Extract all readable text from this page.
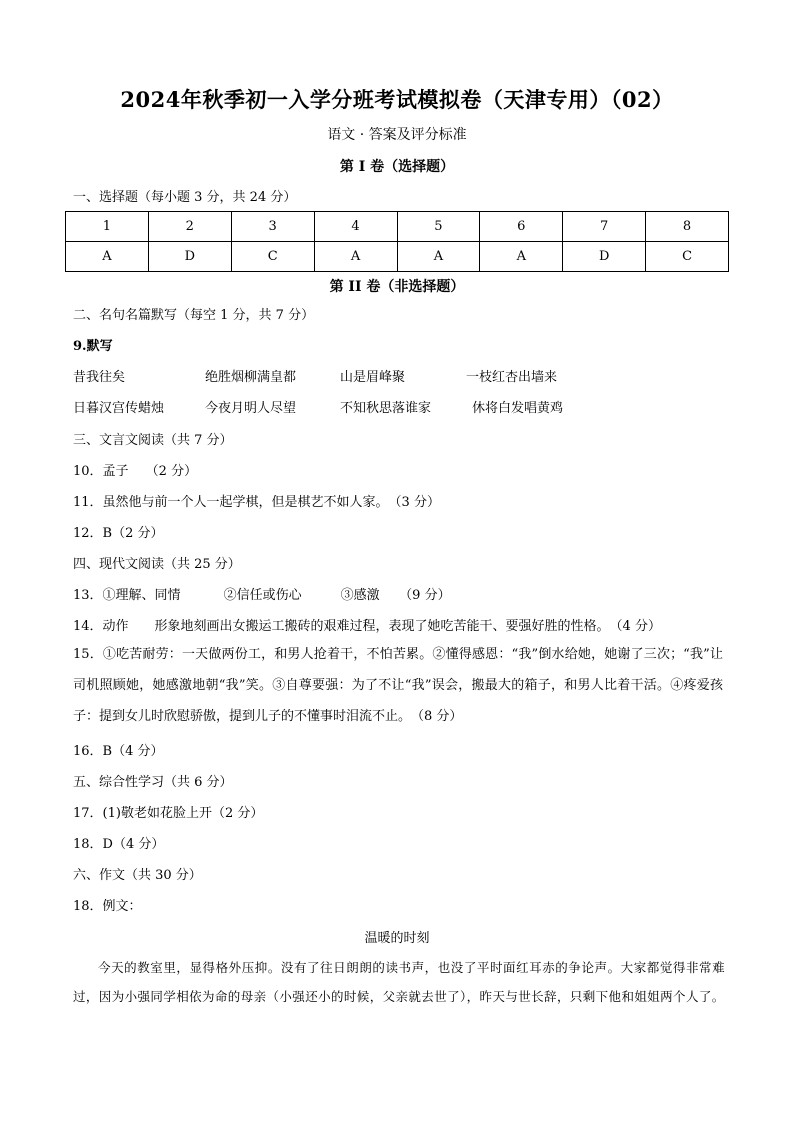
2024年秋季初一入学分班考试模拟卷（天津专用）（02）
语文 · 答案及评分标准
第 I 卷（选择题）
一、选择题（每小题 3 分，共 24 分）
1	2	3	4	5	6	7	8
A	D	C	A	A	A	D	C
第 II 卷（非选择题）
二、名句名篇默写（每空 1 分，共 7 分）
9.默写
昔我往矣	绝胜烟柳满皇都	山是眉峰聚	一枝红杏出墙来
日暮汉宫传蜡烛	今夜月明人尽望	不知秋思落谁家	休将白发唱黄鸡
三、文言文阅读（共 7 分）
10．孟子　 （2 分）
11．虽然他与前一个人一起学棋，但是棋艺不如人家。　（3 分）
12．B（2 分）
四、现代文阅读（共 25 分）
13．①理解、同情　　　 ②信任或伤心　　　③感激　　（9 分）
14．动作　　形象地刻画出女搬运工搬砖的艰难过程，表现了她吃苦能干、要强好胜的性格。　（4 分）
15．①吃苦耐劳：一天做两份工，和男人抢着干，不怕苦累。②懂得感恩：“我”倒水给她，她谢了三次；“我”让司机照顾她，她感激地朝“我”笑。③自尊要强：为了不让“我”误会，搬最大的箱子，和男人比着干活。④疼爱孩子：提到女儿时欣慰骄傲，提到儿子的不懂事时泪流不止。　（8 分）
16．B（4 分）
五、综合性学习（共 6 分）
17．(1)敬老如花脸上开（2 分）
18．D（4 分）
六、作文（共 30 分）
18．例文：
温暖的时刻
今天的教室里，显得格外压抑。没有了往日朗朗的读书声，也没了平时面红耳赤的争论声。大家都觉得非常难过，因为小强同学相依为命的母亲（小强还小的时候，父亲就去世了），昨天与世长辞，只剩下他和姐姐两个人了。
